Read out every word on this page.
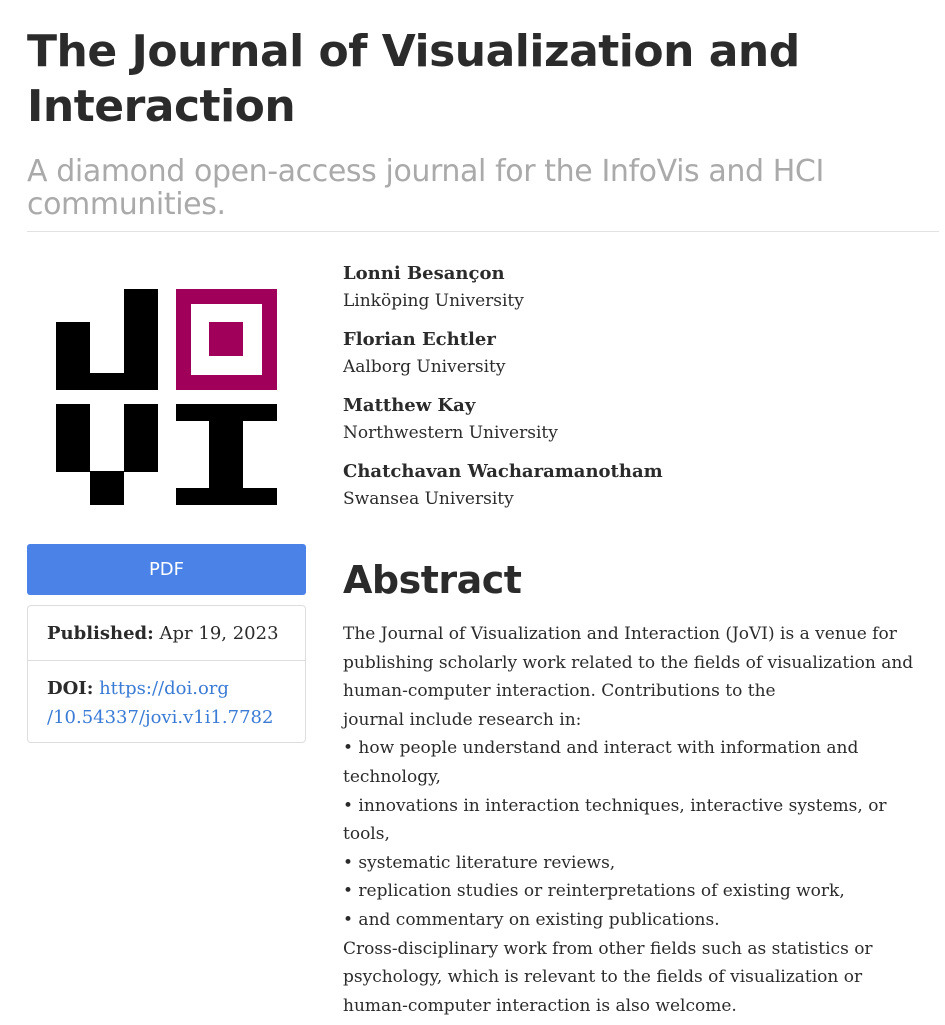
The Journal of Visualization and Interaction
A diamond open-access journal for the InfoVis and HCI communities.
PDF
Published:
Apr 19, 2023
DOI: https://doi.org
/10.54337/jovi.v1i1.7782
Lonni Besançon
Linköping University
Florian Echtler
Aalborg University
Matthew Kay
Northwestern University
Chatchavan Wacharamanotham
Swansea University
Abstract

The Journal of Visualization and Interaction (JoVI) is a venue for

publishing scholarly work related to the fields of visualization and

human-computer interaction. Contributions to the

journal include research in:

• how people understand and interact with information and

technology,

• innovations in interaction techniques, interactive systems, or

tools,

• systematic literature reviews,

• replication studies or reinterpretations of existing work,

• and commentary on existing publications.

Cross-disciplinary work from other fields such as statistics or

psychology, which is relevant to the fields of visualization or

human-computer interaction is also welcome.
